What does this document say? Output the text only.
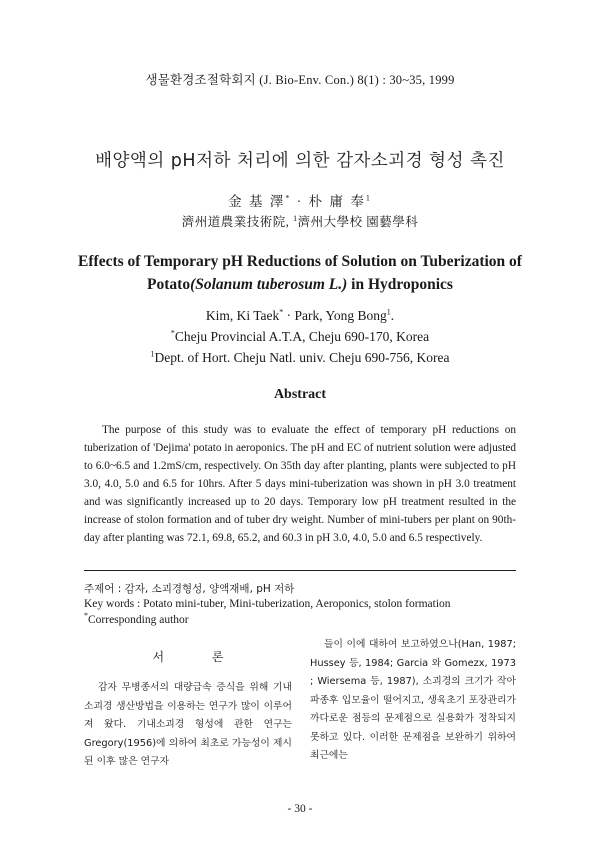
생물환경조절학회지 (J. Bio-Env. Con.) 8(1) : 30~35, 1999
배양액의 pH저하 처리에 의한 감자소괴경 형성 촉진
金 基 澤* · 朴 庸 奉$^1$
濟州道農業技術院, $^1$濟州大學校 園藝學科
Effects of Temporary pH Reductions of Solution on Tuberization of
Potato(Solanum tuberosum L.) in Hydroponics
Kim, Ki Taek* · Park, Yong Bong$^1$.
*Cheju Provincial A.T.A, Cheju 690-170, Korea
$^1$Dept. of Hort. Cheju Natl. univ. Cheju 690-756, Korea
Abstract
The purpose of this study was to evaluate the effect of temporary pH reductions on tuberization of 'Dejima' potato in aeroponics. The pH and EC of nutrient solution were adjusted to 6.0~6.5 and 1.2mS/cm, respectively. On 35th day after planting, plants were subjected to pH 3.0, 4.0, 5.0 and 6.5 for 10hrs. After 5 days mini-tuberization was shown in pH 3.0 treatment and was significantly increased up to 20 days. Temporary low pH treatment resulted in the increase of stolon formation and of tuber dry weight. Number of mini-tubers per plant on 90th-day after planting was 72.1, 69.8, 65.2, and 60.3 in pH 3.0, 4.0, 5.0 and 6.5 respectively.
주제어 : 감자, 소괴경형성, 양액재배, pH 저하
Key words : Potato mini-tuber, Mini-tuberization, Aeroponics, stolon formation
*Corresponding author
서 론

감자 무병종서의 대량급속 증식을 위해 기내소괴경 생산방법을 이용하는 연구가 많이 이루어져 왔다. 기내소괴경 형성에 관한 연구는 Gregory(1956)에 의하여 최초로 가능성이 제시된 이후 많은 연구자

들이 이에 대하여 보고하였으나(Han, 1987; Hussey 등, 1984; Garcia 와 Gomezx, 1973 ; Wiersema 등, 1987), 소괴경의 크기가 작아 파종후 입모율이 떨어지고, 생육초기 포장관리가 까다로운 점등의 문제점으로 실용화가 정착되지 못하고 있다. 이러한 문제점을 보완하기 위하여 최근에는

- 30 -
